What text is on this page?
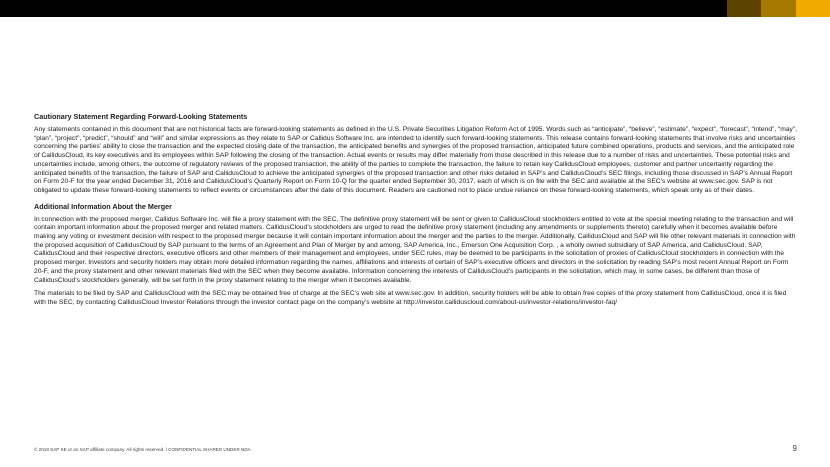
Cautionary Statement Regarding Forward-Looking Statements

Any statements contained in this document that are not historical facts are forward-looking statements as defined in the U.S. Private Securities Litigation Reform Act of 1995. Words such as “anticipate”, “believe”, “estimate”, “expect”, “forecast”, “intend”, “may”, “plan”, “project”, “predict”, “should” and “will” and similar expressions as they relate to SAP or Callidus Software Inc. are intended to identify such forward-looking statements. This release contains forward-looking statements that involve risks and uncertainties concerning the parties’ ability to close the transaction and the expected closing date of the transaction, the anticipated benefits and synergies of the proposed transaction, anticipated future combined operations, products and services, and the anticipated role of CallidusCloud, its key executives and its employees within SAP following the closing of the transaction. Actual events or results may differ materially from those described in this release due to a number of risks and uncertainties. These potential risks and uncertainties include, among others, the outcome of regulatory reviews of the proposed transaction, the ability of the parties to complete the transaction, the failure to retain key CallidusCloud employees, customer and partner uncertainty regarding the anticipated benefits of the transaction, the failure of SAP and CallidusCloud to achieve the anticipated synergies of the proposed transaction and other risks detailed in SAP’s and CallidusCloud’s SEC filings, including those discussed in SAP’s Annual Report on Form 20-F for the year ended December 31, 2016 and CallidusCloud’s Quarterly Report on Form 10-Q for the quarter ended September 30, 2017, each of which is on file with the SEC and available at the SEC’s website at www.sec.gov. SAP is not obligated to update these forward-looking statements to reflect events or circumstances after the date of this document. Readers are cautioned not to place undue reliance on these forward-looking statements, which speak only as of their dates.

Additional Information About the Merger

In connection with the proposed merger, Callidus Software Inc. will file a proxy statement with the SEC. The definitive proxy statement will be sent or given to CallidusCloud stockholders entitled to vote at the special meeting relating to the transaction and will contain important information about the proposed merger and related matters. CallidusCloud’s stockholders are urged to read the definitive proxy statement (including any amendments or supplements thereto) carefully when it becomes available before making any voting or investment decision with respect to the proposed merger because it will contain important information about the merger and the parties to the merger. Additionally, CallidusCloud and SAP will file other relevant materials in connection with the proposed acquisition of CallidusCloud by SAP pursuant to the terms of an Agreement and Plan of Merger by and among, SAP America, Inc., Emerson One Acquisition Corp. , a wholly owned subsidiary of SAP America, and CallidusCloud. SAP, CallidusCloud and their respective directors, executive officers and other members of their management and employees, under SEC rules, may be deemed to be participants in the solicitation of proxies of CallidusCloud stockholders in connection with the proposed merger. Investors and security holders may obtain more detailed information regarding the names, affiliations and interests of certain of SAP’s executive officers and directors in the solicitation by reading SAP’s most recent Annual Report on Form 20-F, and the proxy statement and other relevant materials filed with the SEC when they become available. Information concerning the interests of CallidusCloud’s participants in the solicitation, which may, in some cases, be different than those of CallidusCloud’s stockholders generally, will be set forth in the proxy statement relating to the merger when it becomes available.

The materials to be filed by SAP and CallidusCloud with the SEC may be obtained free of charge at the SEC’s web site at www.sec.gov. In addition, security holders will be able to obtain free copies of the proxy statement from CallidusCloud, once it is filed with the SEC, by contacting CallidusCloud Investor Relations through the investor contact page on the company’s website at http://investor.calliduscloud.com/about-us/investor-relations/investor-faq/

© 2018 SAP SE or an SAP affiliate company. All rights reserved. ǀ CONFIDENTIAL SHARED UNDER NDA	9
